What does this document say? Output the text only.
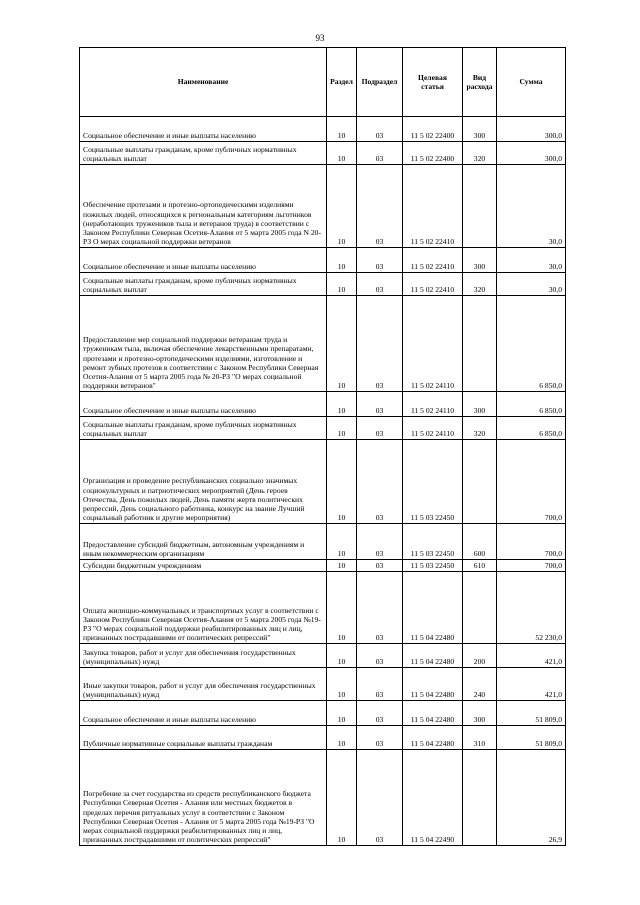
93
Наименование	Раздел	Подраздел	Целевая статья	Вид расхода	Сумма
Социальное обеспечение и иные выплаты населению	10	03	11 5 02 22400	300	300,0
Социальные выплаты гражданам, кроме публичных нормативных социальных выплат	10	03	11 5 02 22400	320	300,0
Обеспечение протезами и протезно-ортопедическими изделиями пожилых людей, относящихся к региональным категориям льготников (неработающих тружеников тыла и ветеранов труда) в соответствии с Законом Республики Северная Осетия-Алания от 5 марта 2005 года N 20-РЗ О мерах социальной поддержки ветеранов	10	03	11 5 02 22410		30,0
Социальное обеспечение и иные выплаты населению	10	03	11 5 02 22410	300	30,0
Социальные выплаты гражданам, кроме публичных нормативных социальных выплат	10	03	11 5 02 22410	320	30,0
Предоставление мер социальной поддержки ветеранам труда и труженикам тыла, включая обеспечение лекарственными препаратами, протезами и протезно-ортопедическими изделиями, изготовление и ремонт зубных протезов в соответствии с Законом Республики Северная Осетия-Алания от 5 марта 2005 года № 20-РЗ "О мерах социальной поддержки ветеранов"	10	03	11 5 02 24110		6 850,0
Социальное обеспечение и иные выплаты населению	10	03	11 5 02 24110	300	6 850,0
Социальные выплаты гражданам, кроме публичных нормативных социальных выплат	10	03	11 5 02 24110	320	6 850,0
Организация и проведение республиканских социально значимых социокультурных и патриотических мероприятий (День героев Отечества, День пожилых людей, День памяти жертв политических репрессий, День социального работника, конкурс на звание Лучший социальный работник и другие мероприятия)	10	03	11 5 03 22450		700,0
Предоставление субсидий бюджетным, автономным учреждениям и иным некоммерческим организациям	10	03	11 5 03 22450	600	700,0
Субсидии бюджетным учреждениям	10	03	11 5 03 22450	610	700,0
Оплата жилищно-коммунальных и транспортных услуг в соответствии с Законом Республики Северная Осетия-Алания от 5 марта 2005 года №19-РЗ "О мерах социальной поддержки реабилитированных лиц и лиц, признанных пострадавшими от политических репрессий"	10	03	11 5 04 22480		52 230,0
Закупка товаров, работ и услуг для обеспечения государственных (муниципальных) нужд	10	03	11 5 04 22480	200	421,0
Иные закупки товаров, работ и услуг для обеспечения государственных (муниципальных) нужд	10	03	11 5 04 22480	240	421,0
Социальное обеспечение и иные выплаты населению	10	03	11 5 04 22480	300	51 809,0
Публичные нормативные социальные выплаты гражданам	10	03	11 5 04 22480	310	51 809,0
Погребение за счет государства из средств республиканского бюджета Республики Северная Осетия - Алания или местных бюджетов в пределах перечня ритуальных услуг в соответствии с Законом Республики Северная Осетия - Алания от 5 марта 2005 года №19-РЗ "О мерах социальной поддержки реабилитированных лиц и лиц, признанных пострадавшими от политических репрессий"	10	03	11 5 04 22490		26,9
